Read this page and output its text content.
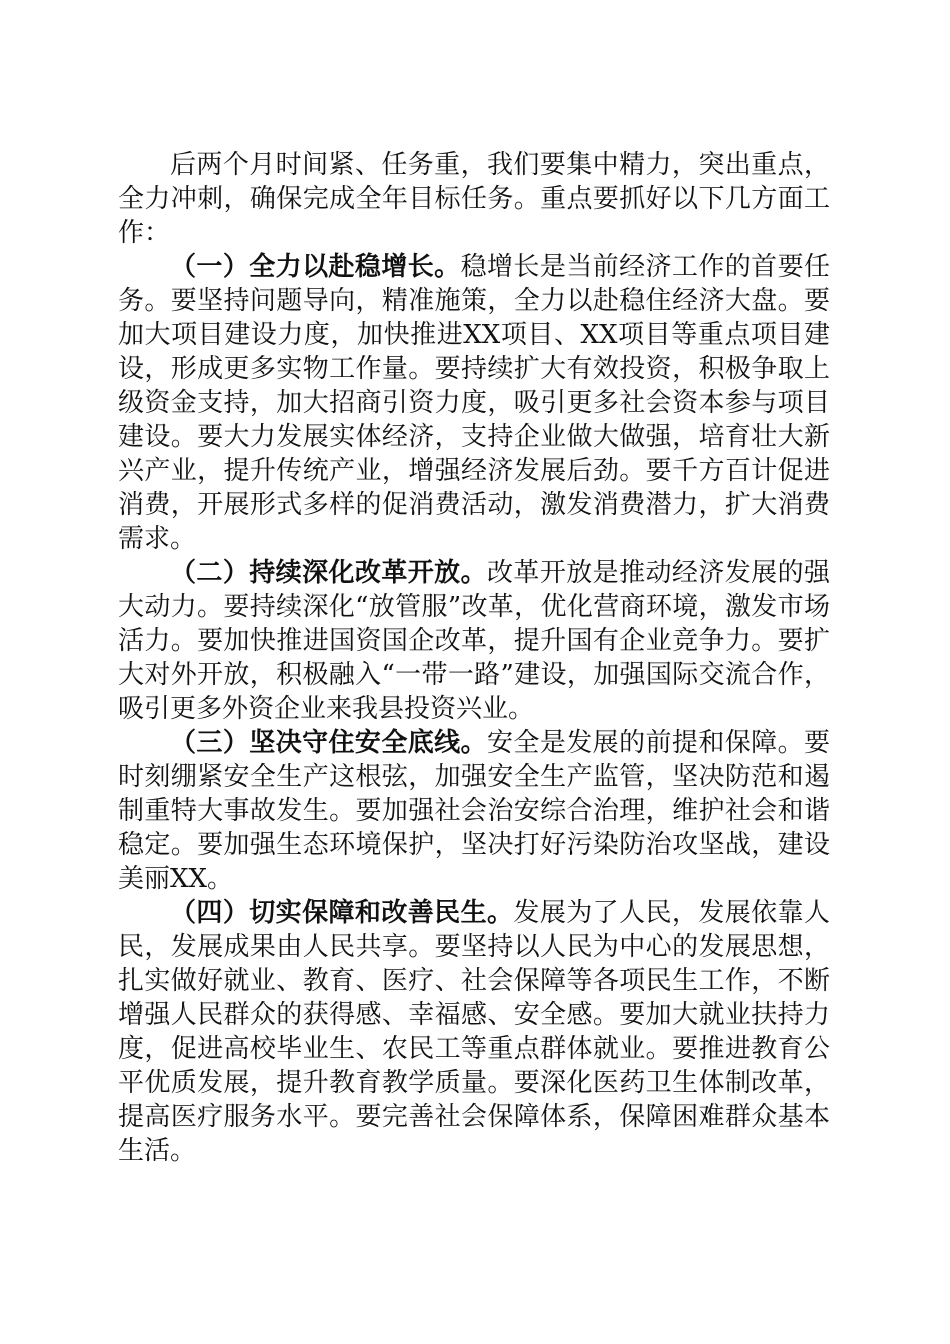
后两个月时间紧、任务重，我们要集中精力，突出重点，全力冲刺，确保完成全年目标任务。重点要抓好以下几方面工作：

（一）全力以赴稳增长。稳增长是当前经济工作的首要任务。要坚持问题导向，精准施策，全力以赴稳住经济大盘。要加大项目建设力度，加快推进XX项目、XX项目等重点项目建设，形成更多实物工作量。要持续扩大有效投资，积极争取上级资金支持，加大招商引资力度，吸引更多社会资本参与项目建设。要大力发展实体经济，支持企业做大做强，培育壮大新兴产业，提升传统产业，增强经济发展后劲。要千方百计促进消费，开展形式多样的促消费活动，激发消费潜力，扩大消费需求。

（二）持续深化改革开放。改革开放是推动经济发展的强大动力。要持续深化“放管服”改革，优化营商环境，激发市场活力。要加快推进国资国企改革，提升国有企业竞争力。要扩大对外开放，积极融入“一带一路”建设，加强国际交流合作，吸引更多外资企业来我县投资兴业。

（三）坚决守住安全底线。安全是发展的前提和保障。要时刻绷紧安全生产这根弦，加强安全生产监管，坚决防范和遏制重特大事故发生。要加强社会治安综合治理，维护社会和谐稳定。要加强生态环境保护，坚决打好污染防治攻坚战，建设美丽XX。

（四）切实保障和改善民生。发展为了人民，发展依靠人民，发展成果由人民共享。要坚持以人民为中心的发展思想，扎实做好就业、教育、医疗、社会保障等各项民生工作，不断增强人民群众的获得感、幸福感、安全感。要加大就业扶持力度，促进高校毕业生、农民工等重点群体就业。要推进教育公平优质发展，提升教育教学质量。要深化医药卫生体制改革，提高医疗服务水平。要完善社会保障体系，保障困难群众基本生活。
